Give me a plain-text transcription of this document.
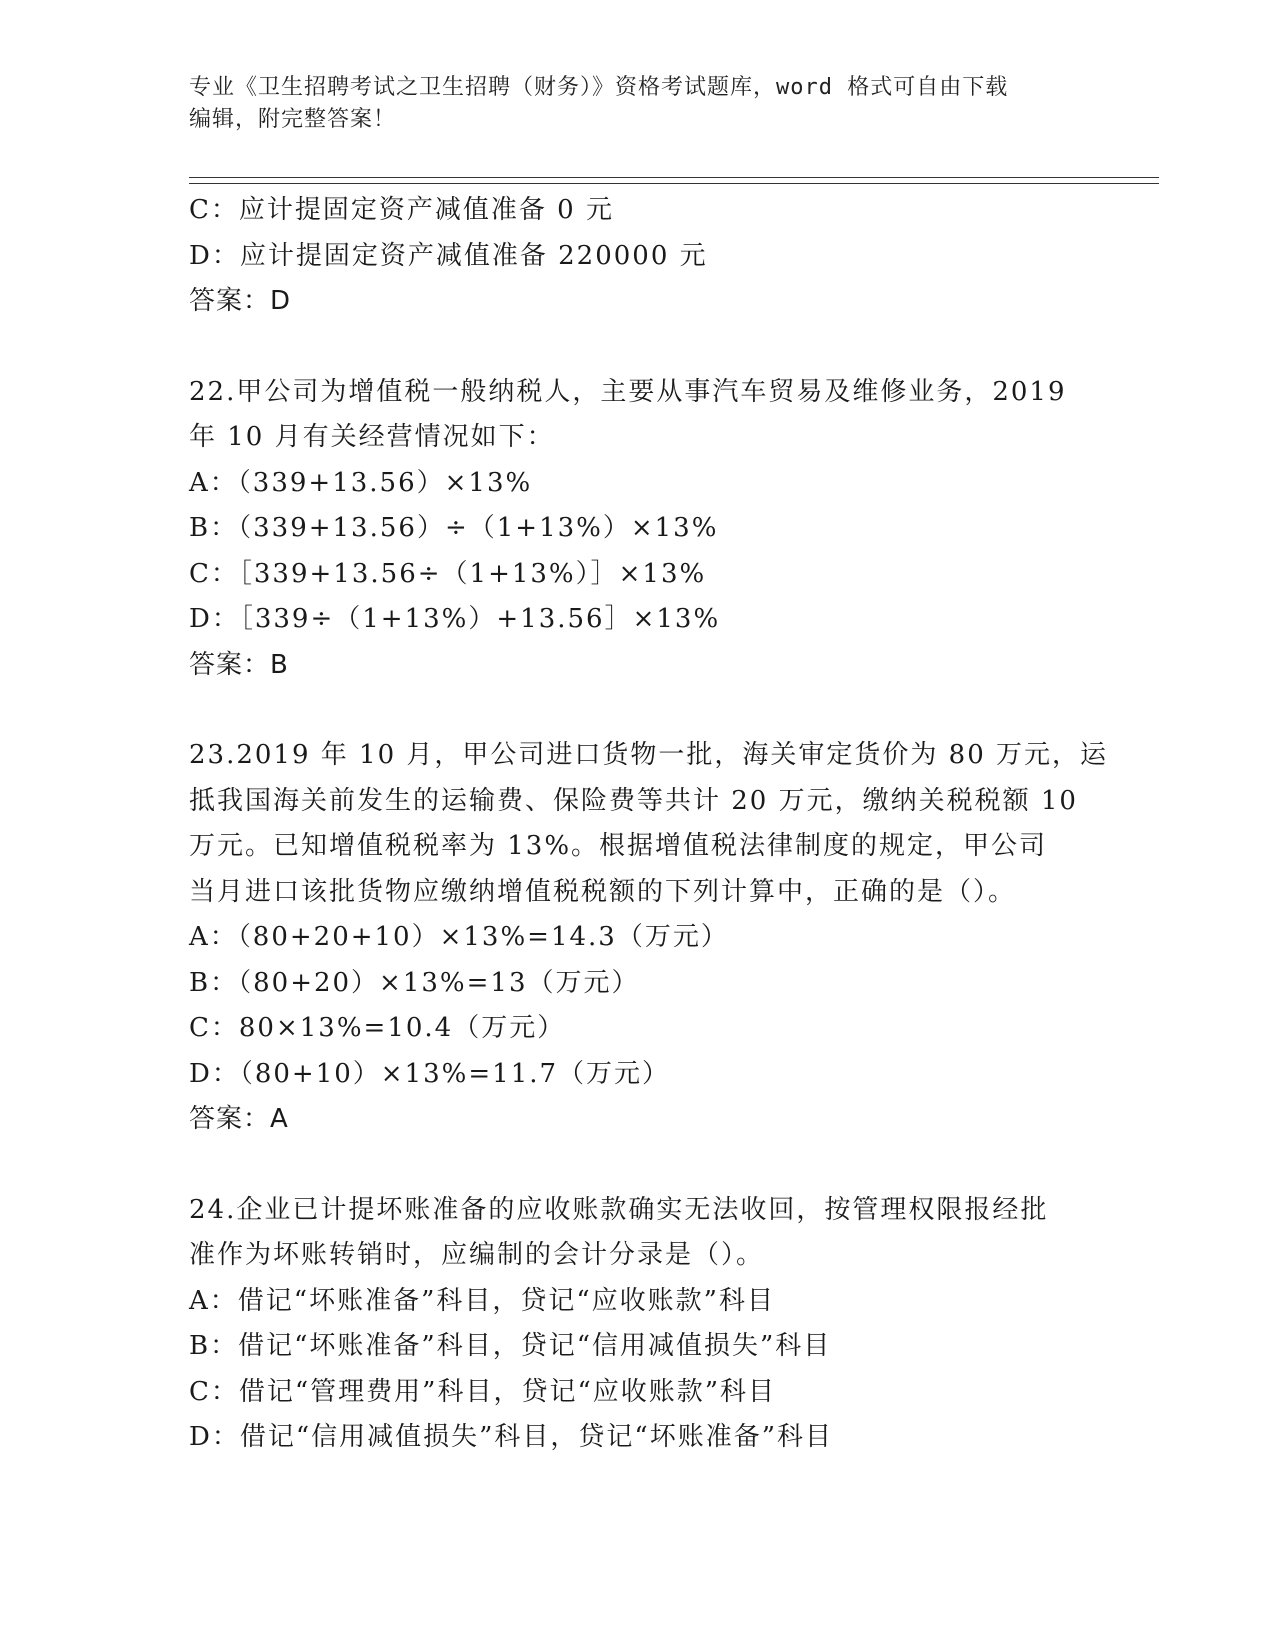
专业《卫生招聘考试之卫生招聘（财务）》资格考试题库，word 格式可自由下载
编辑，附完整答案！
C：应计提固定资产减值准备 0 元
D：应计提固定资产减值准备 220000 元
答案：D
22.甲公司为增值税一般纳税人，主要从事汽车贸易及维修业务，2019
年 10 月有关经营情况如下：
A：（339+13.56）×13%
B：（339+13.56）÷（1+13%）×13%
C：［339+13.56÷（1+13%）］×13%
D：［339÷（1+13%）+13.56］×13%
答案：B
23.2019 年 10 月，甲公司进口货物一批，海关审定货价为 80 万元，运
抵我国海关前发生的运输费、保险费等共计 20 万元，缴纳关税税额 10
万元。已知增值税税率为 13%。根据增值税法律制度的规定，甲公司
当月进口该批货物应缴纳增值税税额的下列计算中，正确的是（）。
A：（80+20+10）×13%=14.3（万元）
B：（80+20）×13%=13（万元）
C：80×13%=10.4（万元）
D：（80+10）×13%=11.7（万元）
答案：A
24.企业已计提坏账准备的应收账款确实无法收回，按管理权限报经批
准作为坏账转销时，应编制的会计分录是（）。
A：借记“坏账准备”科目，贷记“应收账款”科目
B：借记“坏账准备”科目，贷记“信用减值损失”科目
C：借记“管理费用”科目，贷记“应收账款”科目
D：借记“信用减值损失”科目，贷记“坏账准备”科目
